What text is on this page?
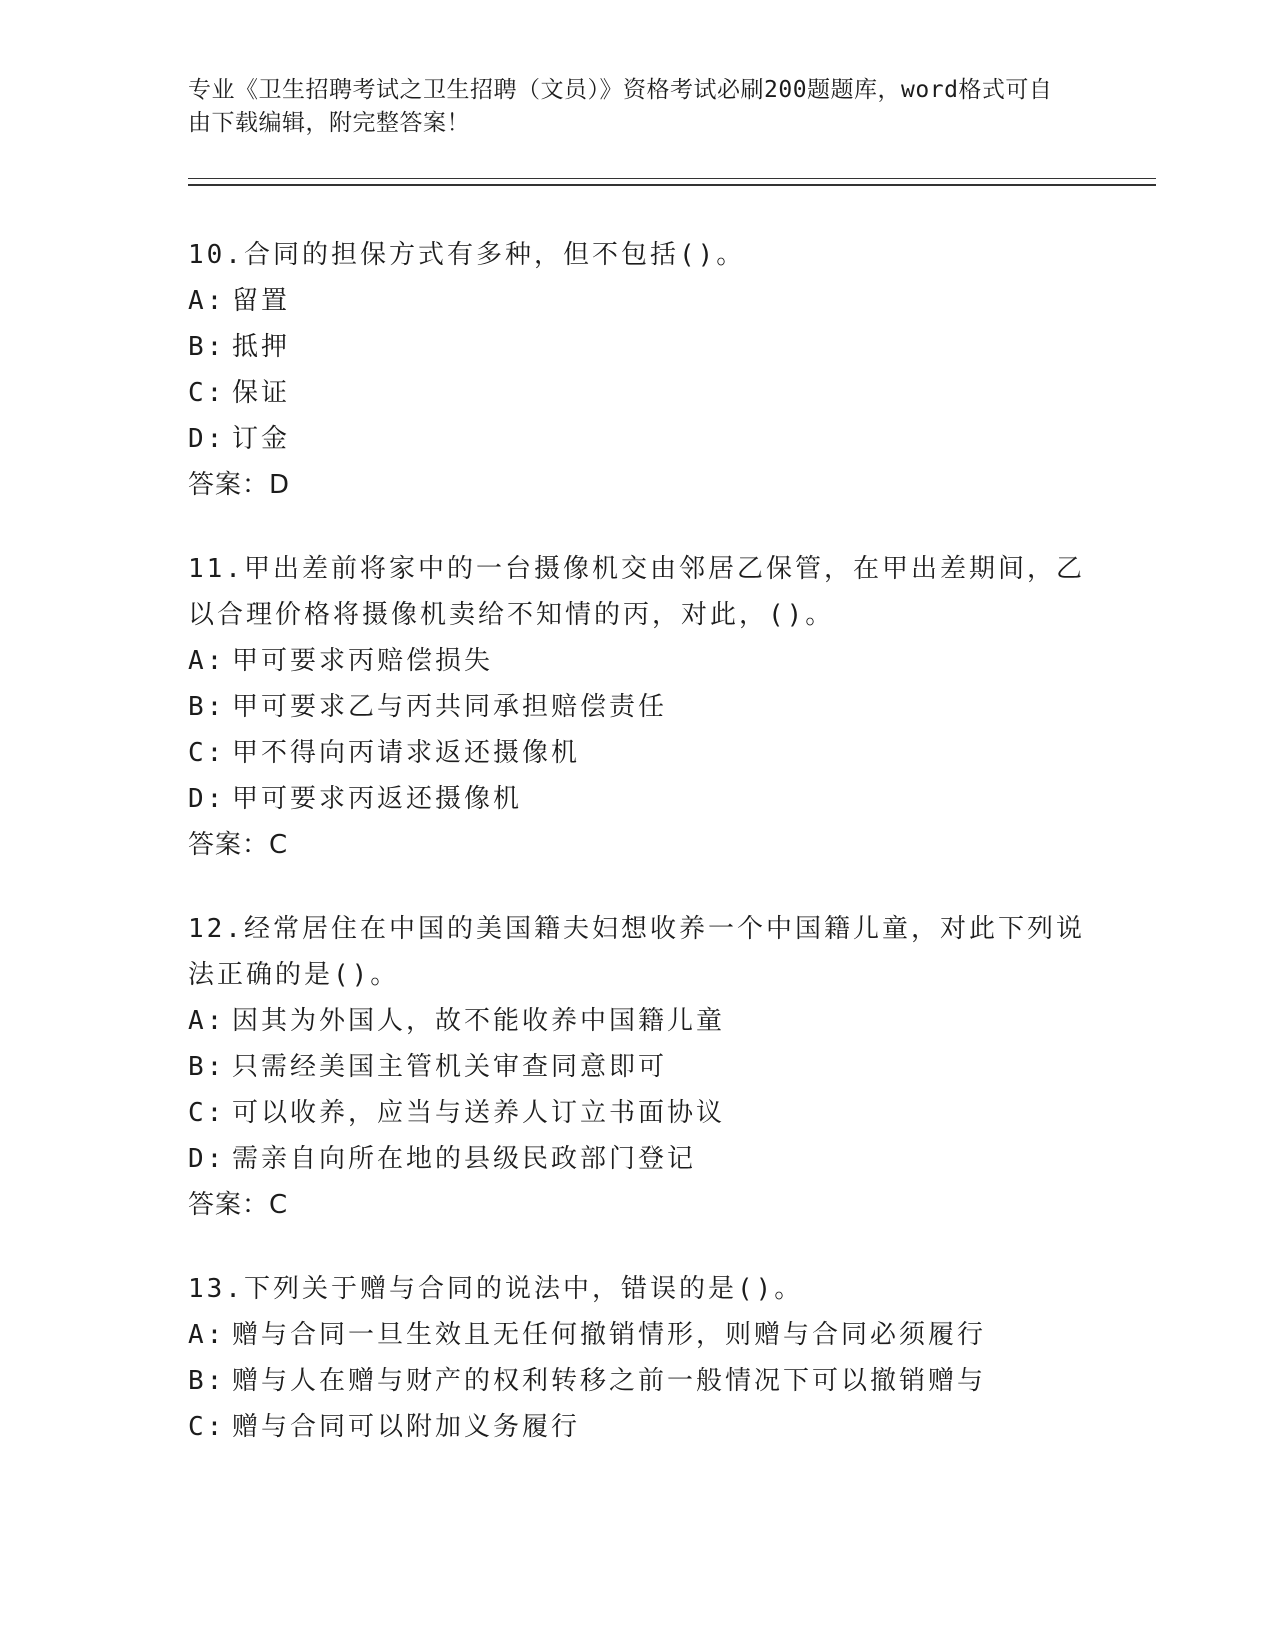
专业《卫生招聘考试之卫生招聘（文员）》资格考试必刷200题题库，word格式可自由下载编辑，附完整答案！

10.合同的担保方式有多种，但不包括()。

A: 留置

B: 抵押

C: 保证

D: 订金

答案：D

11.甲出差前将家中的一台摄像机交由邻居乙保管，在甲出差期间，乙以合理价格将摄像机卖给不知情的丙，对此，()。

A: 甲可要求丙赔偿损失

B: 甲可要求乙与丙共同承担赔偿责任

C: 甲不得向丙请求返还摄像机

D: 甲可要求丙返还摄像机

答案：C

12.经常居住在中国的美国籍夫妇想收养一个中国籍儿童，对此下列说法正确的是()。

A: 因其为外国人，故不能收养中国籍儿童

B: 只需经美国主管机关审查同意即可

C: 可以收养，应当与送养人订立书面协议

D: 需亲自向所在地的县级民政部门登记

答案：C

13.下列关于赠与合同的说法中，错误的是()。

A: 赠与合同一旦生效且无任何撤销情形，则赠与合同必须履行

B: 赠与人在赠与财产的权利转移之前一般情况下可以撤销赠与

C: 赠与合同可以附加义务履行
